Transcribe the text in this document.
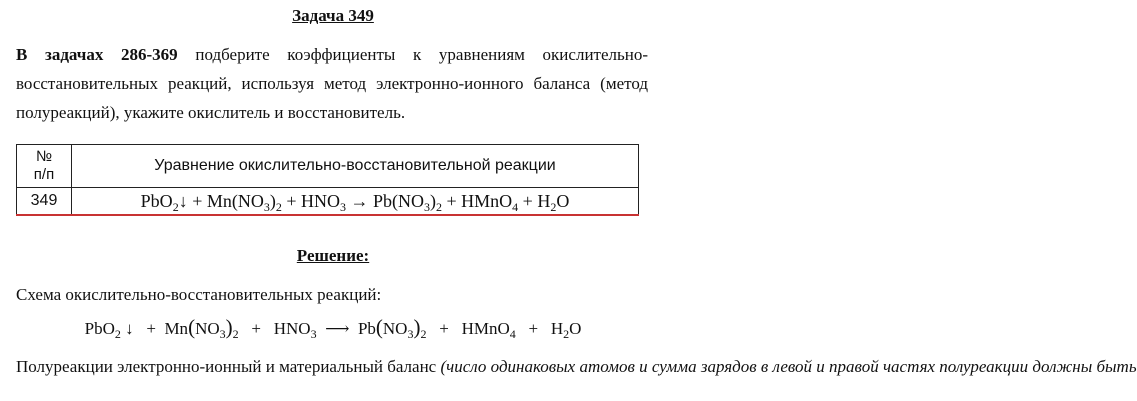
Задача 349
В задачах 286-369 подберите коэффициенты к уравнениям окислительно-восстановительных реакций, используя метод электронно-ионного баланса (метод полуреакций), укажите окислитель и восстановитель.
№
п/п	Уравнение окислительно-восстановительной реакции
349	PbO$_2$↓ + $Mn(NO_3)_2 + HNO_3 \to Pb(NO_3)_2$ + HMnO$_4$ + $H_2O$
Решение:
Схема окислительно-восстановительных реакций:
PbO$_2$ ↓ + $Mn(NO_3)_2 + HNO_3$ ⟶ $Pb(NO_3)_2$ + HMnO$_4$ + $H_2O$
Полуреакции электронно-ионный и материальный баланс (число одинаковых атомов и сумма зарядов в левой и правой частях полуреакции должны быть
